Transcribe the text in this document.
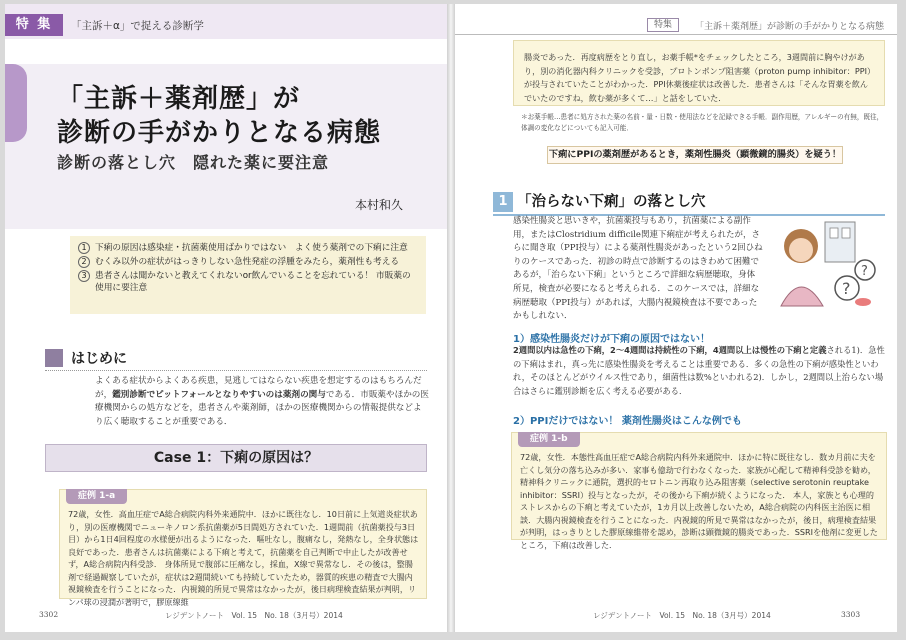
特 集	「主訴＋α」で捉える診断学
「主訴＋薬剤歴」が
診断の手がかりとなる病態
診断の落とし穴　隠れた薬に要注意
本村和久
1 下痢の原因は感染症・抗菌薬使用ばかりではない　よく使う薬剤での下痢に注意
2 むくみ以外の症状がはっきりしない急性発症の浮腫をみたら，薬剤性も考える
3 患者さんは聞かないと教えてくれないor飲んでいることを忘れている！ 市販薬の使用に要注意
はじめに
よくある症状からよくある疾患，見逃してはならない疾患を想定するのはもちろんだが，鑑別診断でピットフォールとなりやすいのは薬剤の関与である．市販薬やほかの医療機関からの処方などを，患者さんや薬剤師，ほかの医療機関からの情報提供などより広く聴取することが重要である．
Case 1：下痢の原因は？
症例 1-a
72歳，女性．高血圧症でA総合病院内科外来通院中．ほかに既往なし．10日前に上気道炎症状あり，別の医療機関でニューキノロン系抗菌薬が5日間処方されていた．1週間前（抗菌薬投与3日目）から1日4回程度の水様便が出るようになった．嘔吐なし，腹痛なし，発熱なし，全身状態は良好であった．患者さんは抗菌薬による下痢と考えて，抗菌薬を自己判断で中止したが改善せず，A総合病院内科受診． 身体所見で腹部に圧痛なし，採血，X線で異常なし．その後は，整腸剤で経過観察していたが，症状は2週間続いても持続していたため，器質的疾患の精査で大腸内視鏡検査を行うことになった．内視鏡的所見で異常はなかったが，後日病理検査結果が判明，リンパ球の浸潤が著明で，膠原線維
3302	レジデントノート　Vol. 15　No. 18（3月号）2014
特集	「主訴＋薬剤歴」が診断の手がかりとなる病態
腸炎であった．再度病歴をとり直し，お薬手帳*をチェックしたところ，3週間前に胸やけがあり，別の消化器内科クリニックを受診，プロトンポンプ阻害薬（proton pump inhibitor：PPI）が投与されていたことがわかった．PPI休薬後症状は改善した．患者さんは「そんな胃薬を飲んでいたのですね，飲む薬が多くて…」と話をしていた．
＊お薬手帳…患者に処方された薬の名前・量・日数・使用法などを記録できる手帳．副作用歴，アレルギーの有無，既往，体調の変化などについても記入可能．
下痢にPPIの薬剤歴があるとき，薬剤性腸炎（顕微鏡的腸炎）を疑う！
1 「治らない下痢」の落とし穴
感染性腸炎と思いきや，抗菌薬投与もあり，抗菌薬による副作用，またはClostridium difficile関連下痢症が考えられたが，さらに聞き取（PPI投与）による薬剤性腸炎があったという2回ひねりのケースであった．初診の時点で診断するのはきわめて困難であるが，「治らない下痢」というところで詳細な病歴聴取，身体所見，検査が必要になると考えられる．このケースでは，詳細な病歴聴取（PPI投与）があれば，大腸内視鏡検査は不要であったかもしれない．
?
?
1）感染性腸炎だけが下痢の原因ではない！
2週間以内は急性の下痢，2～4週間は持続性の下痢，4週間以上は慢性の下痢と定義される1)．急性の下痢はまれ，真っ先に感染性腸炎を考えることは重要である．多くの急性の下痢が感染性といわれ，そのほとんどがウイルス性であり，細菌性は数%といわれる2)．しかし，2週間以上治らない場合はさらに鑑別診断を広く考える必要がある．
2）PPIだけではない！ 薬剤性腸炎はこんな例でも
症例 1-b
72歳，女性．本態性高血圧症でA総合病院内科外来通院中．ほかに特に既往なし．数カ月前に夫を亡くし気分の落ち込みが多い．家事も億劫で行わなくなった．家族が心配して精神科受診を勧め，精神科クリニックに通院，選択的セロトニン再取り込み阻害薬（selective serotonin reuptake inhibitor：SSRI）投与となったが，その後から下痢が続くようになった． 本人，家族とも心理的ストレスからの下痢と考えていたが，1カ月以上改善しないため，A総合病院の内科医主治医に相談．大腸内視鏡検査を行うことになった．内視鏡的所見で異常はなかったが，後日，病理検査結果が判明，はっきりとした膠原線維帯を認め，診断は顕微鏡的腸炎であった．SSRIを他剤に変更したところ，下痢は改善した．
レジデントノート　Vol. 15　No. 18（3月号）2014	3303
